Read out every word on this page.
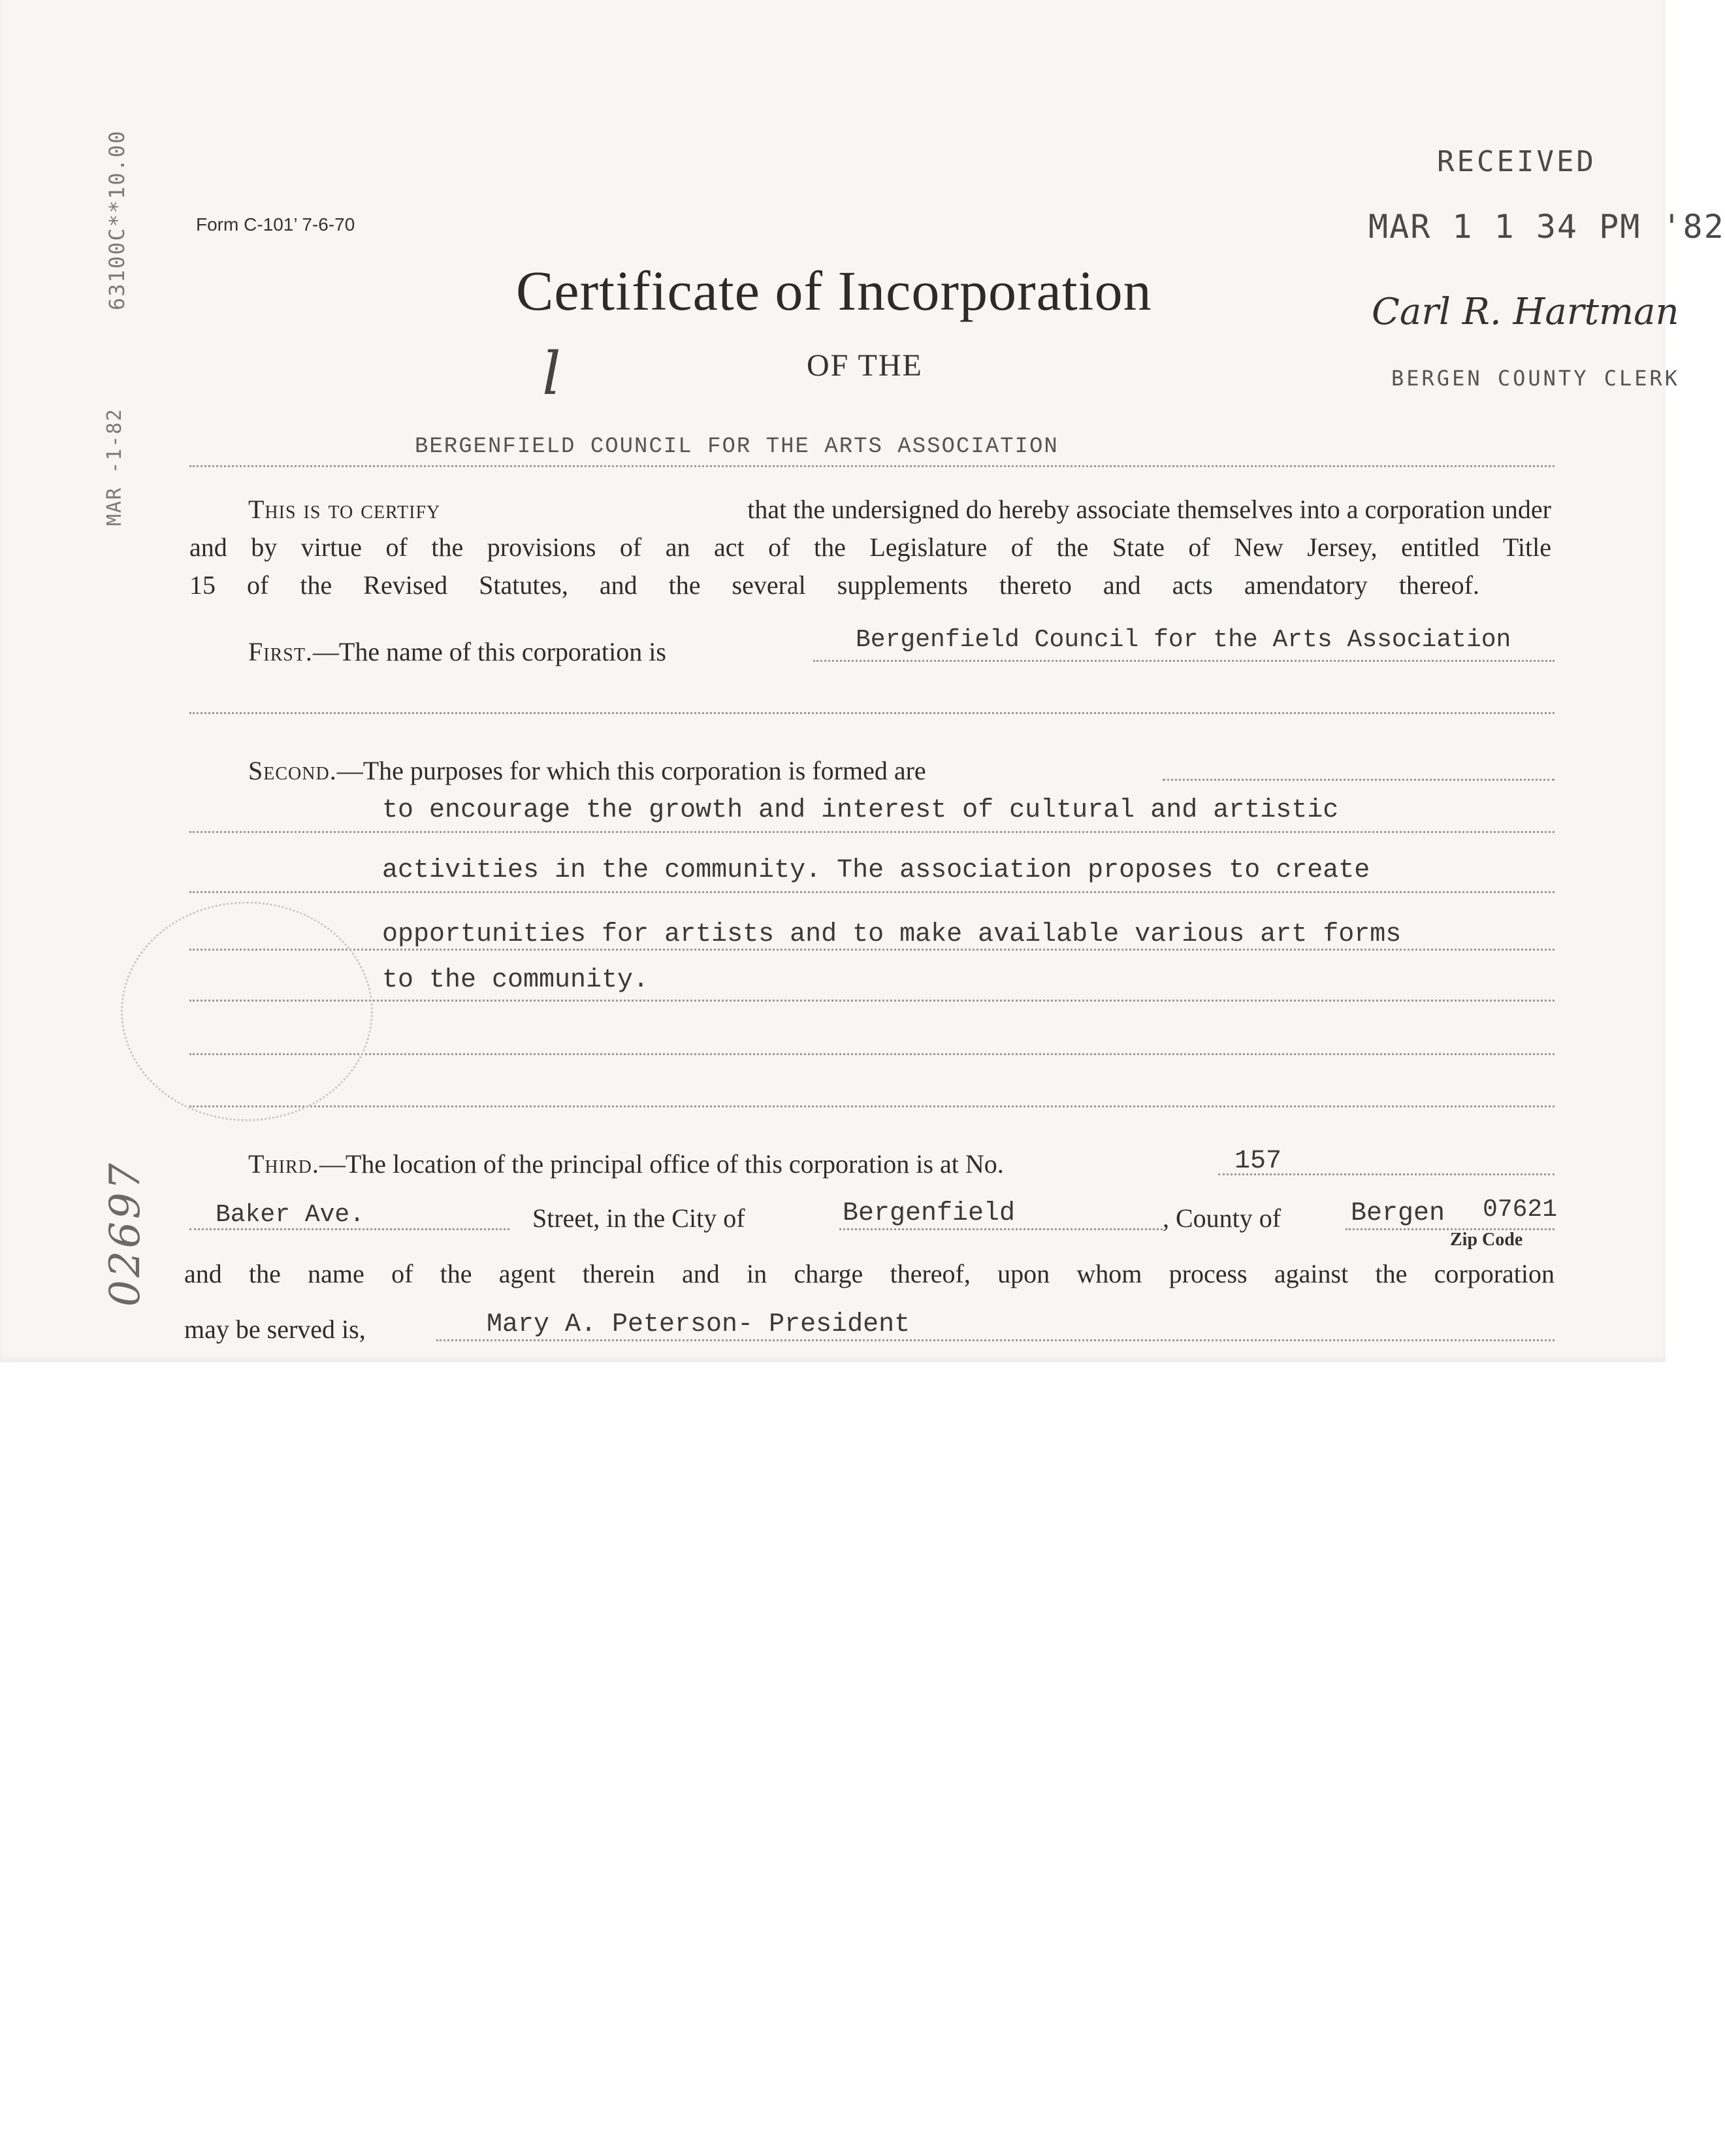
63100C**10.00
MAR -1-82
02697
Form C-101’ 7-6-70
Certificate of Incorporation
l	OF THE
BERGENFIELD COUNCIL FOR THE ARTS ASSOCIATION
RECEIVED
MAR 1 1 34 PM '82
Carl R. Hartman
BERGEN COUNTY CLERK
This is to certify	that the undersigned do hereby associate themselves into a corporation under
and by virtue of the provisions of an act of the Legislature of the State of New Jersey, entitled Title
15 of the Revised Statutes, and the several supplements thereto and acts amendatory thereof.
First.—The name of this corporation is	Bergenfield Council for the Arts Association
Second.—The purposes for which this corporation is formed are
to encourage the growth and interest of cultural and artistic
activities in the community. The association proposes to create
opportunities for artists and to make available various art forms
to the community.
Third.—The location of the principal office of this corporation is at No.	157
Baker Ave.	Street, in the City of	Bergenfield	, County of	Bergen 07621
Zip Code
and the name of the agent therein and in charge thereof, upon whom process against the corporation
may be served is,	Mary A. Peterson- President
